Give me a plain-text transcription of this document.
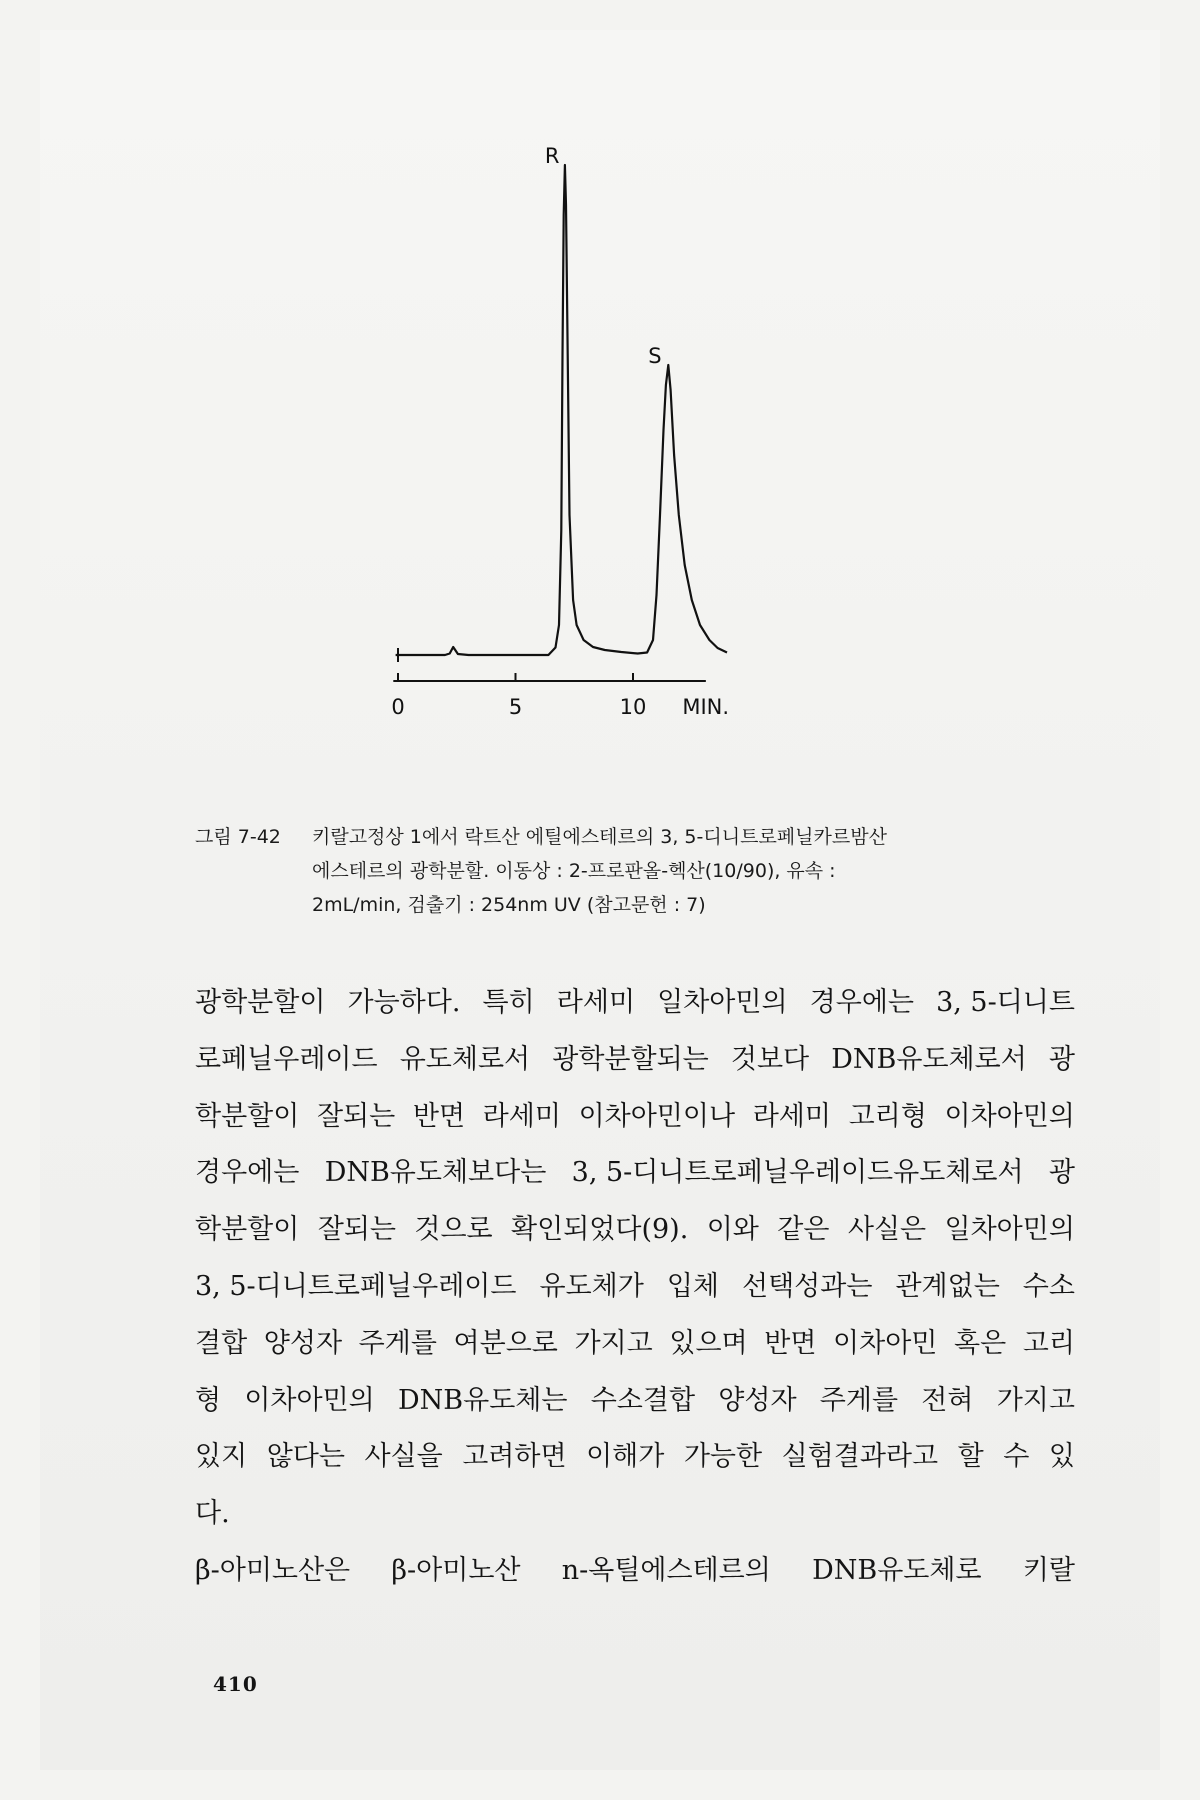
0	5	10 MIN.
R
S
그림 7-42	키랄고정상 1에서 락트산 에틸에스테르의 3, 5-디니트로페닐카르밤산
에스테르의 광학분할. 이동상 : 2-프로판올-헥산(10/90), 유속 :
2mL/min, 검출기 : 254nm UV (참고문헌 : 7)
광학분할이 가능하다. 특히 라세미 일차아민의 경우에는 3, 5-디니트
로페닐우레이드 유도체로서 광학분할되는 것보다 DNB유도체로서 광
학분할이 잘되는 반면 라세미 이차아민이나 라세미 고리형 이차아민의
경우에는 DNB유도체보다는 3, 5-디니트로페닐우레이드유도체로서 광
학분할이 잘되는 것으로 확인되었다(9). 이와 같은 사실은 일차아민의
3, 5-디니트로페닐우레이드 유도체가 입체 선택성과는 관계없는 수소
결합 양성자 주게를 여분으로 가지고 있으며 반면 이차아민 혹은 고리
형 이차아민의 DNB유도체는 수소결합 양성자 주게를 전혀 가지고
있지 않다는 사실을 고려하면 이해가 가능한 실험결과라고 할 수 있
다.
β-아미노산은 β-아미노산 n-옥틸에스테르의 DNB유도체로 키랄
410
